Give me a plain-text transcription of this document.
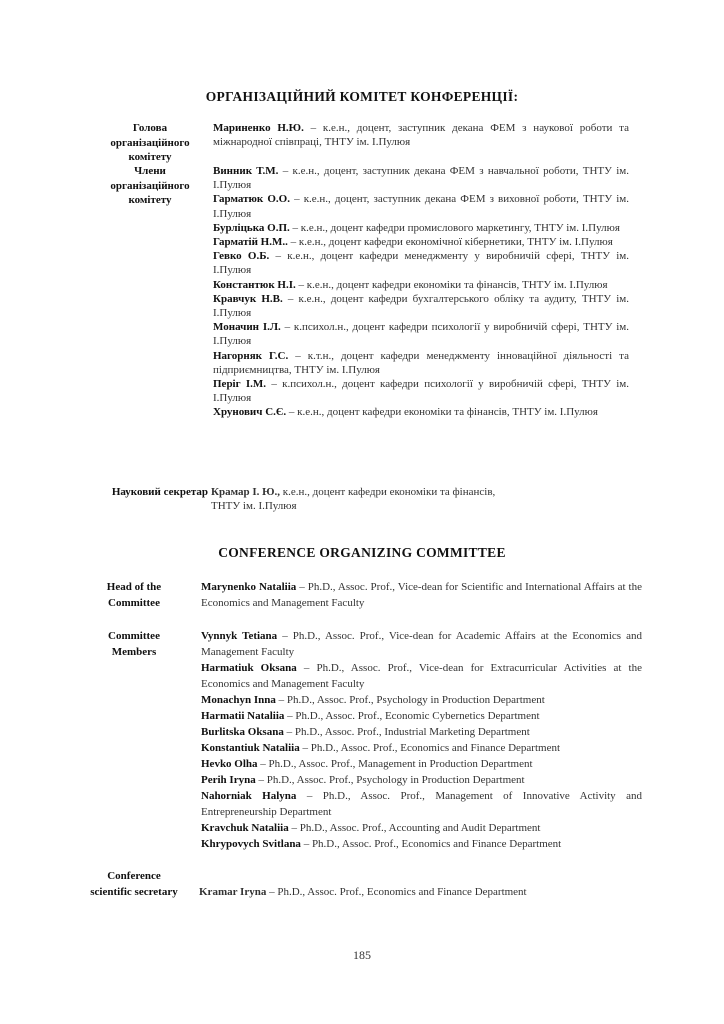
ОРГАНІЗАЦІЙНИЙ КОМІТЕТ КОНФЕРЕНЦІЇ:
Голова
організаційного
комітету
Члени
організаційного
комітету

Мариненко Н.Ю. – к.е.н., доцент, заступник декана ФЕМ з наукової роботи та міжнародної співпраці, ТНТУ ім. І.Пулюя

Винник Т.М. – к.е.н., доцент, заступник декана ФЕМ з навчальної роботи, ТНТУ ім. І.Пулюя

Гарматюк О.О. – к.е.н., доцент, заступник декана ФЕМ з виховної роботи, ТНТУ ім. І.Пулюя

Бурліцька О.П. – к.е.н., доцент кафедри промислового маркетингу, ТНТУ ім. І.Пулюя

Гарматій Н.М.. – к.е.н., доцент кафедри економічної кібернетики, ТНТУ ім. І.Пулюя

Гевко О.Б. – к.е.н., доцент кафедри менеджменту у виробничій сфері, ТНТУ ім. І.Пулюя

Константюк Н.І. – к.е.н., доцент кафедри економіки та фінансів, ТНТУ ім. І.Пулюя

Кравчук Н.В. – к.е.н., доцент кафедри бухгалтерського обліку та аудиту, ТНТУ ім. І.Пулюя

Моначин І.Л. – к.психол.н., доцент кафедри психології у виробничій сфері, ТНТУ ім. І.Пулюя

Нагорняк Г.С. – к.т.н., доцент кафедри менеджменту інноваційної діяльності та підприємництва, ТНТУ ім. І.Пулюя

Періг І.М. – к.психол.н., доцент кафедри психології у виробничій сфері, ТНТУ ім. І.Пулюя

Хрунович С.Є. – к.е.н., доцент кафедри економіки та фінансів, ТНТУ ім. І.Пулюя

Науковий секретар Крамар І. Ю., к.е.н., доцент кафедри економіки та фінансів,
ТНТУ ім. І.Пулюя
CONFERENCE ORGANIZING COMMITTEE
Head of the
Committee

Marynenko Nataliia – Ph.D., Assoc. Prof., Vice-dean for Scientific and International Affairs at the Economics and Management Faculty

Committee
Members

Vynnyk Tetiana – Ph.D., Assoc. Prof., Vice-dean for Academic Affairs at the Economics and Management Faculty

Harmatiuk Oksana – Ph.D., Assoc. Prof., Vice-dean for Extracurricular Activities at the Economics and Management Faculty

Monachyn Inna – Ph.D., Assoc. Prof., Psychology in Production Department

Harmatii Nataliia – Ph.D., Assoc. Prof., Economic Cybernetics Department

Burlitska Oksana – Ph.D., Assoc. Prof., Industrial Marketing Department

Konstantiuk Nataliia – Ph.D., Assoc. Prof., Economics and Finance Department

Hevko Olha – Ph.D., Assoc. Prof., Management in Production Department

Perih Iryna – Ph.D., Assoc. Prof., Psychology in Production Department

Nahorniak Halyna – Ph.D., Assoc. Prof., Management of Innovative Activity and Entrepreneurship Department

Kravchuk Nataliia – Ph.D., Assoc. Prof., Accounting and Audit Department

Khrypovych Svitlana – Ph.D., Assoc. Prof., Economics and Finance Department

Conference
scientific secretary	Kramar Iryna – Ph.D., Assoc. Prof., Economics and Finance Department
185
